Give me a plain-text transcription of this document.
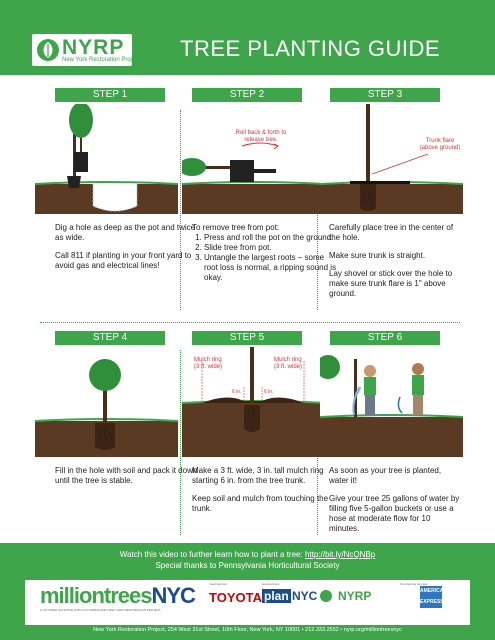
NYRP
New York Restoration Project TREE PLANTING GUIDE
STEP 1	STEP 2	STEP 3
STEP 4	STEP 5	STEP 6

Dig a hole as deep as the pot and twice as wide.

Call 811 if planting in your front yard to avoid gas and electrical lines!

Roll back & forth to release tree.

To remove tree from pot:

1. Press and roll the pot on the ground.
2. Slide tree from pot.
3. Untangle the largest roots – some root loss is normal, a ripping sound is okay.
Trunk flare
(above ground)

Carefully place tree in the center of the hole.

Make sure trunk is straight.

Lay shovel or stick over the hole to make sure trunk flare is 1" above ground.

Fill in the hole with soil and pack it down until the tree is stable.

Mulch ring
(3 ft. wide)
Mulch ring
(3 ft. wide)
6 in.	6 in.

Make a 3 ft. wide, 3 in. tall mulch ring starting 6 in. from the tree trunk.

Keep soil and mulch from touching the trunk.

As soon as your tree is planted, water it!

Give your tree 25 gallons of water by filling five 5-gallon buckets or use a hose at moderate flow for 10 minutes.

Watch this video to further learn how to plant a tree: http://bit.ly/NcQNBp
Special thanks to Pennsylvania Horticultural Society
milliontreesNYC
A CITYWIDE INITIATIVE WITH NYC PARKS AND NEW YORK RESTORATION PROJECT
lead sponsor	lead partners	first planting sponsor
TOYOTA plan NYC NYRP	AMERICAN EXPRESS
New York Restoration Project, 254 West 31st Street, 10th Floor, New York, NY 10001 • 212.333.2552 • nyrp.org/milliontreesnyc
